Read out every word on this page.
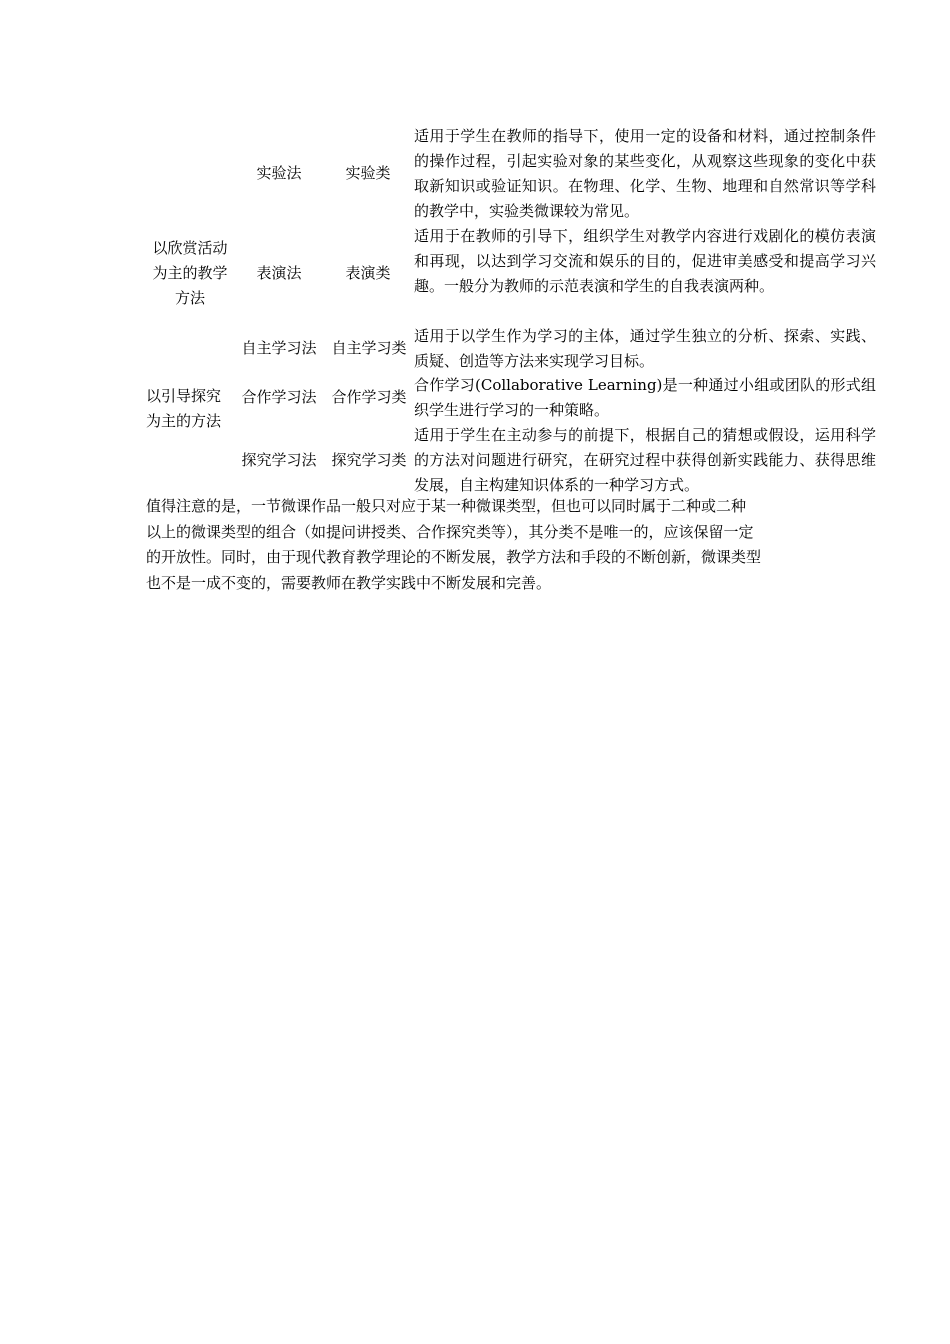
以欣赏活动为主的教学方法
以引导探究为主的方法
实验法	实验类
适用于学生在教师的指导下，使用一定的设备和材料，通过控制条件的操作过程，引起实验对象的某些变化，从观察这些现象的变化中获取新知识或验证知识。在物理、化学、生物、地理和自然常识等学科的教学中，实验类微课较为常见。
表演法	表演类
适用于在教师的引导下，组织学生对教学内容进行戏剧化的模仿表演和再现，以达到学习交流和娱乐的目的，促进审美感受和提高学习兴趣。一般分为教师的示范表演和学生的自我表演两种。
自主学习法 自主学习类
适用于以学生作为学习的主体，通过学生独立的分析、探索、实践、质疑、创造等方法来实现学习目标。
合作学习法 合作学习类
合作学习(Collaborative Learning)是一种通过小组或团队的形式组织学生进行学习的一种策略。
探究学习法 探究学习类
适用于学生在主动参与的前提下，根据自己的猜想或假设，运用科学的方法对问题进行研究，在研究过程中获得创新实践能力、获得思维发展，自主构建知识体系的一种学习方式。
值得注意的是，一节微课作品一般只对应于某一种微课类型，但也可以同时属于二种或二种
以上的微课类型的组合（如提问讲授类、合作探究类等），其分类不是唯一的，应该保留一定
的开放性。同时，由于现代教育教学理论的不断发展，教学方法和手段的不断创新，微课类型
也不是一成不变的，需要教师在教学实践中不断发展和完善。
